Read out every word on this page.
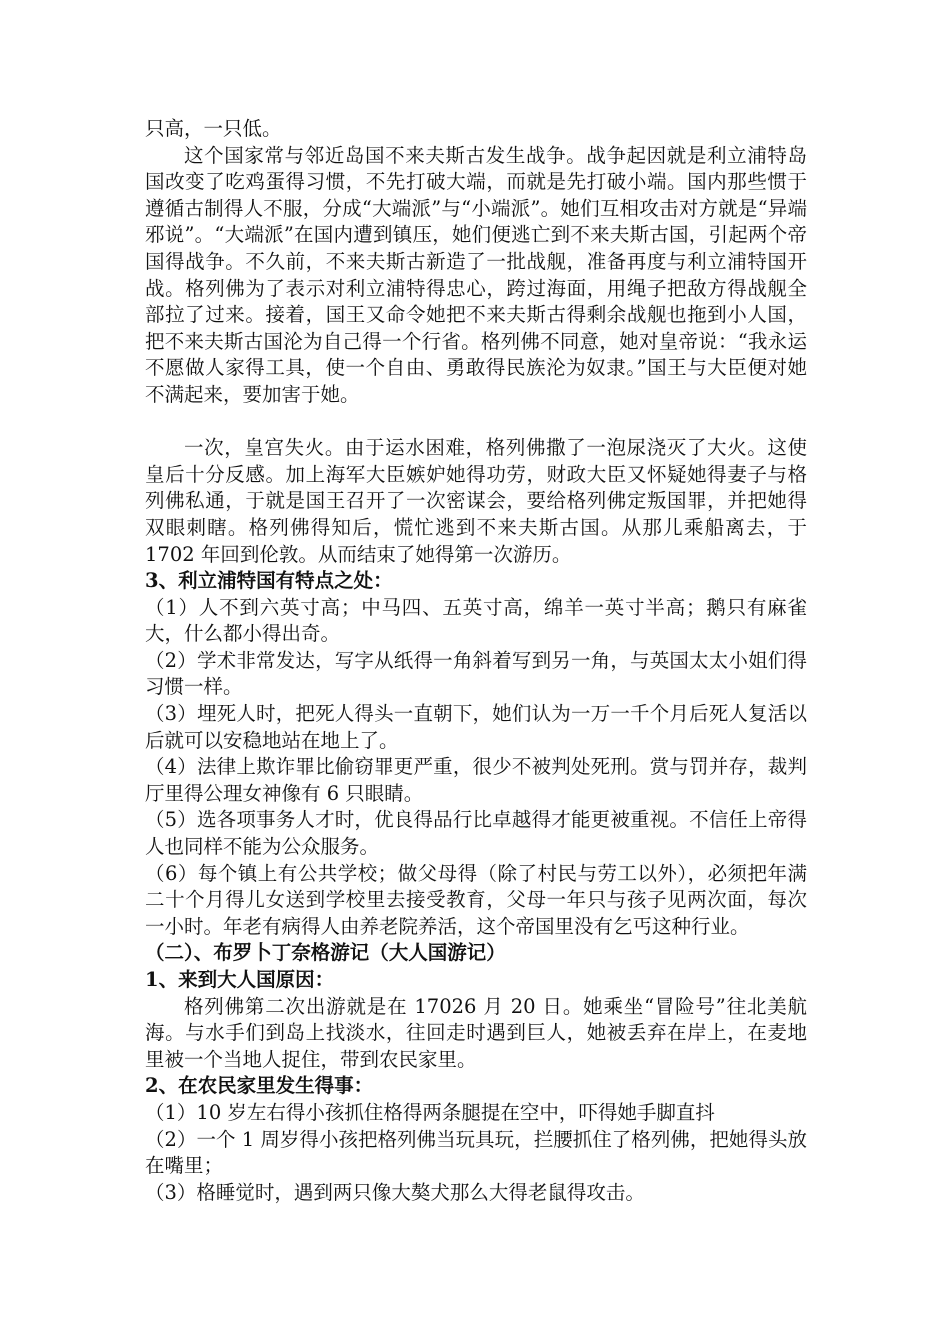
只高，一只低。

这个国家常与邻近岛国不来夫斯古发生战争。战争起因就是利立浦特岛国改变了吃鸡蛋得习惯，不先打破大端，而就是先打破小端。国内那些惯于遵循古制得人不服，分成“大端派”与“小端派”。她们互相攻击对方就是“异端邪说”。“大端派”在国内遭到镇压，她们便逃亡到不来夫斯古国，引起两个帝国得战争。不久前，不来夫斯古新造了一批战舰，准备再度与利立浦特国开战。格列佛为了表示对利立浦特得忠心，跨过海面，用绳子把敌方得战舰全部拉了过来。接着，国王又命令她把不来夫斯古得剩余战舰也拖到小人国，把不来夫斯古国沦为自己得一个行省。格列佛不同意，她对皇帝说：“我永运不愿做人家得工具，使一个自由、勇敢得民族沦为奴隶。”国王与大臣便对她不满起来，要加害于她。

一次，皇宫失火。由于运水困难，格列佛撒了一泡尿浇灭了大火。这使皇后十分反感。加上海军大臣嫉妒她得功劳，财政大臣又怀疑她得妻子与格列佛私通，于就是国王召开了一次密谋会，要给格列佛定叛国罪，并把她得双眼刺瞎。格列佛得知后，慌忙逃到不来夫斯古国。从那儿乘船离去，于 1702 年回到伦敦。从而结束了她得第一次游历。

3、利立浦特国有特点之处：

（1）人不到六英寸高；中马四、五英寸高，绵羊一英寸半高；鹅只有麻雀大，什么都小得出奇。

（2）学术非常发达，写字从纸得一角斜着写到另一角，与英国太太小姐们得习惯一样。

（3）埋死人时，把死人得头一直朝下，她们认为一万一千个月后死人复活以后就可以安稳地站在地上了。

（4）法律上欺诈罪比偷窃罪更严重，很少不被判处死刑。赏与罚并存，裁判厅里得公理女神像有 6 只眼睛。

（5）选各项事务人才时，优良得品行比卓越得才能更被重视。不信任上帝得人也同样不能为公众服务。

（6）每个镇上有公共学校；做父母得（除了村民与劳工以外），必须把年满二十个月得儿女送到学校里去接受教育，父母一年只与孩子见两次面，每次一小时。年老有病得人由养老院养活，这个帝国里没有乞丐这种行业。

（二）、布罗卜丁奈格游记（大人国游记）

1、来到大人国原因：

格列佛第二次出游就是在 17026 月 20 日。她乘坐“冒险号”往北美航海。与水手们到岛上找淡水，往回走时遇到巨人，她被丢弃在岸上，在麦地里被一个当地人捉住，带到农民家里。

2、在农民家里发生得事：

（1）10 岁左右得小孩抓住格得两条腿提在空中，吓得她手脚直抖

（2）一个 1 周岁得小孩把格列佛当玩具玩，拦腰抓住了格列佛，把她得头放在嘴里；

（3）格睡觉时，遇到两只像大獒犬那么大得老鼠得攻击。
